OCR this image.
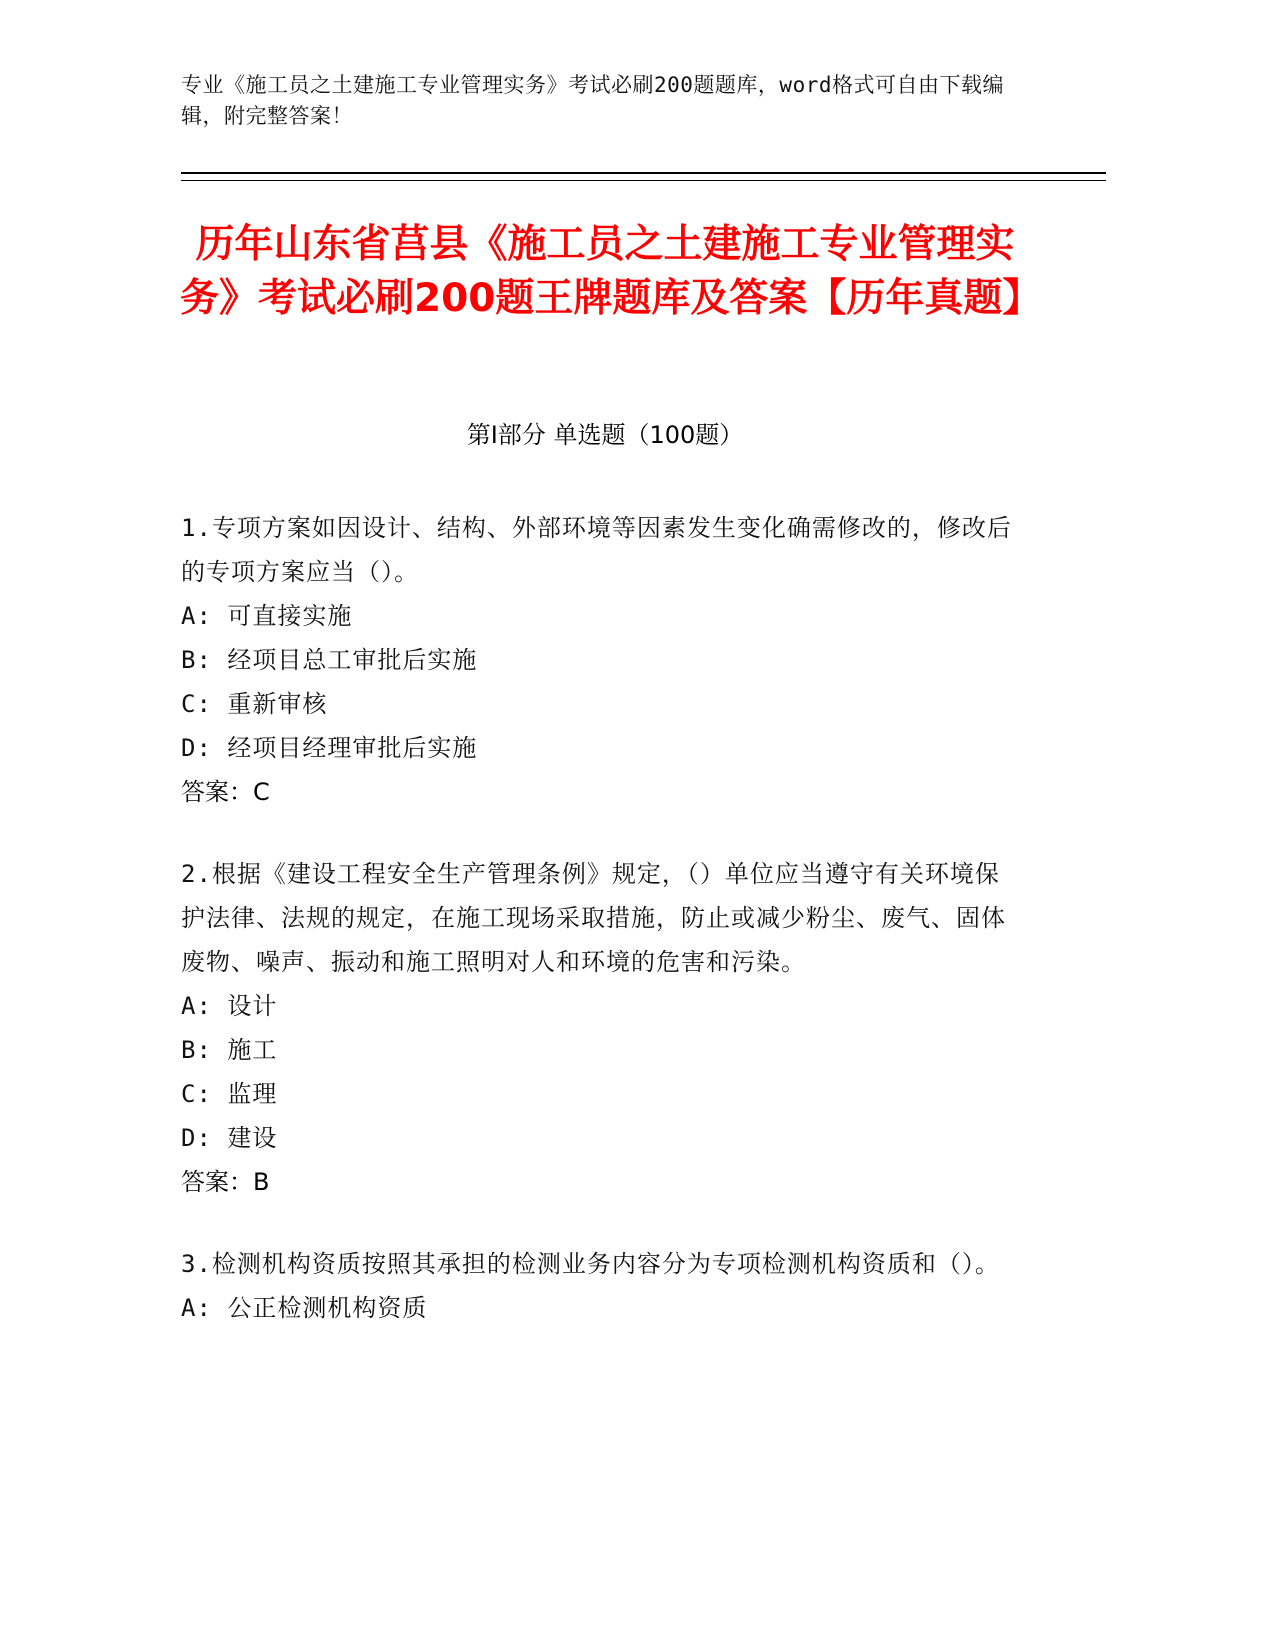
专业《施工员之土建施工专业管理实务》考试必刷200题题库，word格式可自由下载编辑，附完整答案！
历年山东省莒县《施工员之土建施工专业管理实务》考试必刷200题王牌题库及答案【历年真题】
第Ⅰ部分 单选题（100题）
1.专项方案如因设计、结构、外部环境等因素发生变化确需修改的，修改后的专项方案应当（）。
A: 可直接实施
B: 经项目总工审批后实施
C: 重新审核
D: 经项目经理审批后实施
答案：C
2.根据《建设工程安全生产管理条例》规定，（）单位应当遵守有关环境保护法律、法规的规定，在施工现场采取措施，防止或减少粉尘、废气、固体废物、噪声、振动和施工照明对人和环境的危害和污染。
A: 设计
B: 施工
C: 监理
D: 建设
答案：B
3.检测机构资质按照其承担的检测业务内容分为专项检测机构资质和（）。
A: 公正检测机构资质
